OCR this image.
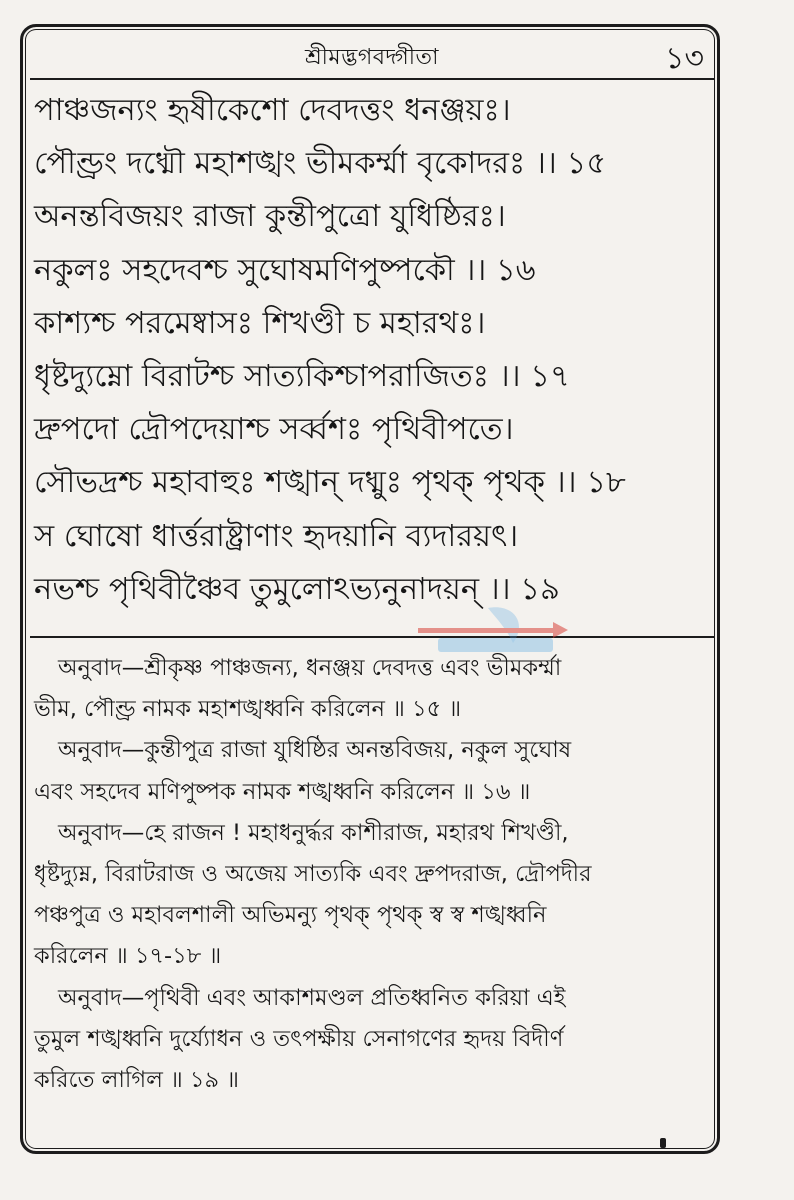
শ্রীমদ্ভগবদ্গীতা	১৩
পাঞ্চজন্যং হৃষীকেশো দেবদত্তং ধনঞ্জয়ঃ।
পৌণ্ড্রং দধ্মৌ মহাশঙ্খং ভীমকর্ম্মা বৃকোদরঃ ।। ১৫
অনন্তবিজয়ং রাজা কুন্তীপুত্রো যুধিষ্ঠিরঃ।
নকুলঃ সহদেবশ্চ সুঘোষমণিপুষ্পকৌ ।। ১৬
কাশ্যশ্চ পরমেষ্বাসঃ শিখণ্ডী চ মহারথঃ।
ধৃষ্টদ্যুম্নো বিরাটশ্চ সাত্যকিশ্চাপরাজিতঃ ।। ১৭
দ্রুপদো দ্রৌপদেয়াশ্চ সর্ব্বশঃ পৃথিবীপতে।
সৌভদ্রশ্চ মহাবাহুঃ শঙ্খান্ দধ্মুঃ পৃথক্ পৃথক্ ।। ১৮
স ঘোষো ধার্ত্তরাষ্ট্রাণাং হৃদয়ানি ব্যদারয়ৎ।
নভশ্চ পৃথিবীঞ্চৈব তুমুলোঽভ্যনুনাদয়ন্ ।। ১৯
অনুবাদ—শ্রীকৃষ্ণ পাঞ্চজন্য, ধনঞ্জয় দেবদত্ত এবং ভীমকর্ম্মা
ভীম, পৌণ্ড্র নামক মহাশঙ্খধ্বনি করিলেন ॥ ১৫ ॥
অনুবাদ—কুন্তীপুত্র রাজা যুধিষ্ঠির অনন্তবিজয়, নকুল সুঘোষ
এবং সহদেব মণিপুষ্পক নামক শঙ্খধ্বনি করিলেন ॥ ১৬ ॥
অনুবাদ—হে রাজন ! মহাধনুর্দ্ধর কাশীরাজ, মহারথ শিখণ্ডী,
ধৃষ্টদ্যুম্ন, বিরাটরাজ ও অজেয় সাত্যকি এবং দ্রুপদরাজ, দ্রৌপদীর
পঞ্চপুত্র ও মহাবলশালী অভিমন্যু পৃথক্ পৃথক্ স্ব স্ব শঙ্খধ্বনি
করিলেন ॥ ১৭-১৮ ॥
অনুবাদ—পৃথিবী এবং আকাশমণ্ডল প্রতিধ্বনিত করিয়া এই
তুমুল শঙ্খধ্বনি দুর্য্যোধন ও তৎপক্ষীয় সেনাগণের হৃদয় বিদীর্ণ
করিতে লাগিল ॥ ১৯ ॥
